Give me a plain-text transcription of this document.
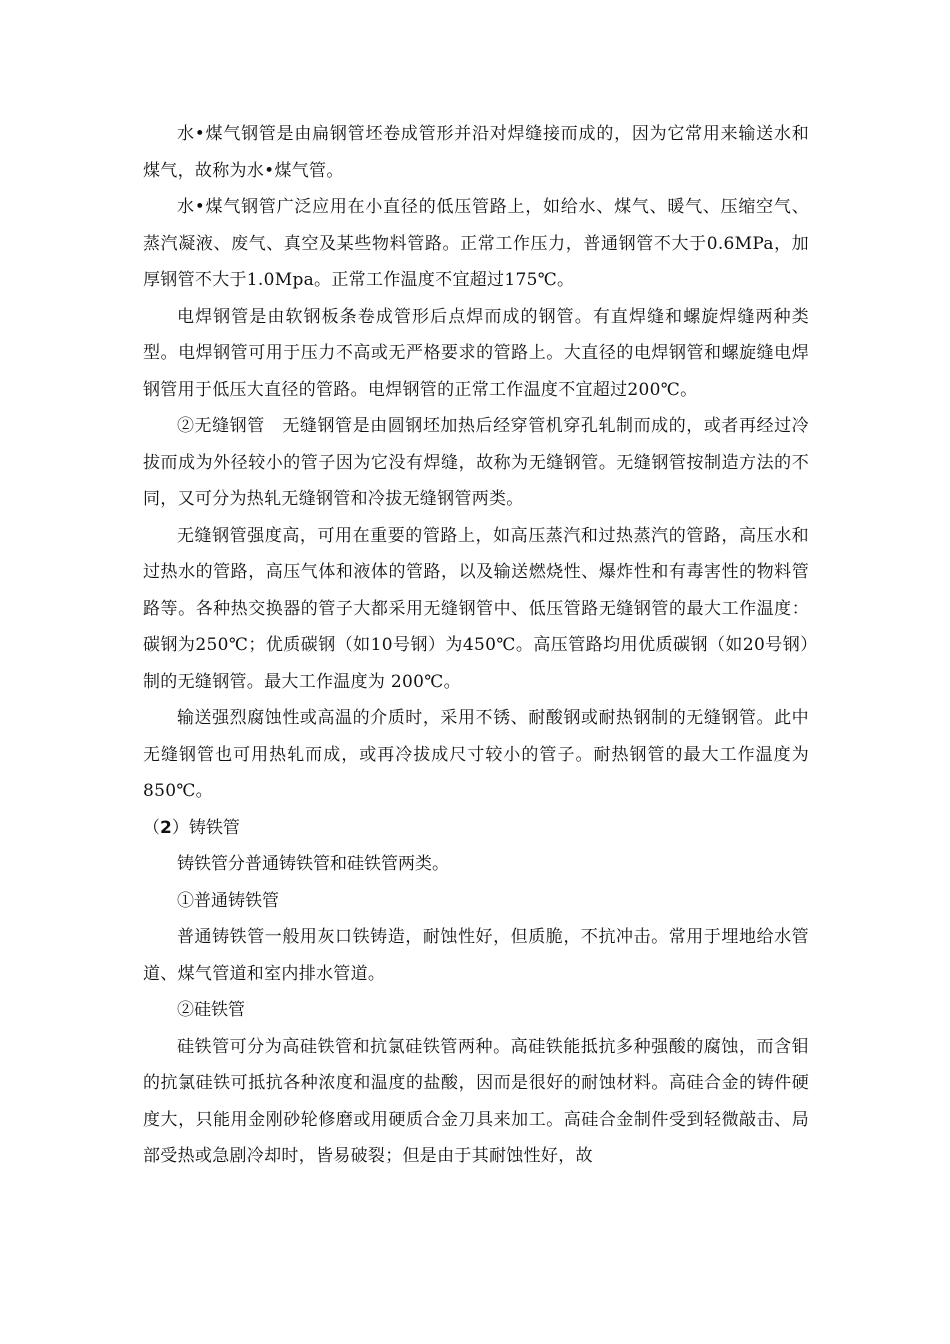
水•煤气钢管是由扁钢管坯卷成管形并沿对焊缝接而成的，因为它常用来输送水和煤气，故称为水•煤气管。

水•煤气钢管广泛应用在小直径的低压管路上，如给水、煤气、暖气、压缩空气、蒸汽凝液、废气、真空及某些物料管路。正常工作压力，普通钢管不大于0.6MPa，加厚钢管不大于1.0Mpa。正常工作温度不宜超过175℃。

电焊钢管是由软钢板条卷成管形后点焊而成的钢管。有直焊缝和螺旋焊缝两种类型。电焊钢管可用于压力不高或无严格要求的管路上。大直径的电焊钢管和螺旋缝电焊钢管用于低压大直径的管路。电焊钢管的正常工作温度不宜超过200℃。

②无缝钢管　无缝钢管是由圆钢坯加热后经穿管机穿孔轧制而成的，或者再经过冷拔而成为外径较小的管子因为它没有焊缝，故称为无缝钢管。无缝钢管按制造方法的不同，又可分为热轧无缝钢管和冷拔无缝钢管两类。

无缝钢管强度高，可用在重要的管路上，如高压蒸汽和过热蒸汽的管路，高压水和过热水的管路，高压气体和液体的管路，以及输送燃烧性、爆炸性和有毒害性的物料管路等。各种热交换器的管子大都采用无缝钢管中、低压管路无缝钢管的最大工作温度：碳钢为250℃；优质碳钢（如10号钢）为450℃。高压管路均用优质碳钢（如20号钢）制的无缝钢管。最大工作温度为 200℃。

输送强烈腐蚀性或高温的介质时，采用不锈、耐酸钢或耐热钢制的无缝钢管。此中无缝钢管也可用热轧而成，或再冷拔成尺寸较小的管子。耐热钢管的最大工作温度为850℃。

（2）铸铁管

铸铁管分普通铸铁管和硅铁管两类。

①普通铸铁管

普通铸铁管一般用灰口铁铸造，耐蚀性好，但质脆，不抗冲击。常用于埋地给水管道、煤气管道和室内排水管道。

②硅铁管

硅铁管可分为高硅铁管和抗氯硅铁管两种。高硅铁能抵抗多种强酸的腐蚀，而含钼的抗氯硅铁可抵抗各种浓度和温度的盐酸，因而是很好的耐蚀材料。高硅合金的铸件硬度大，只能用金刚砂轮修磨或用硬质合金刀具来加工。高硅合金制件受到轻微敲击、局部受热或急剧冷却时，皆易破裂；但是由于其耐蚀性好，故
